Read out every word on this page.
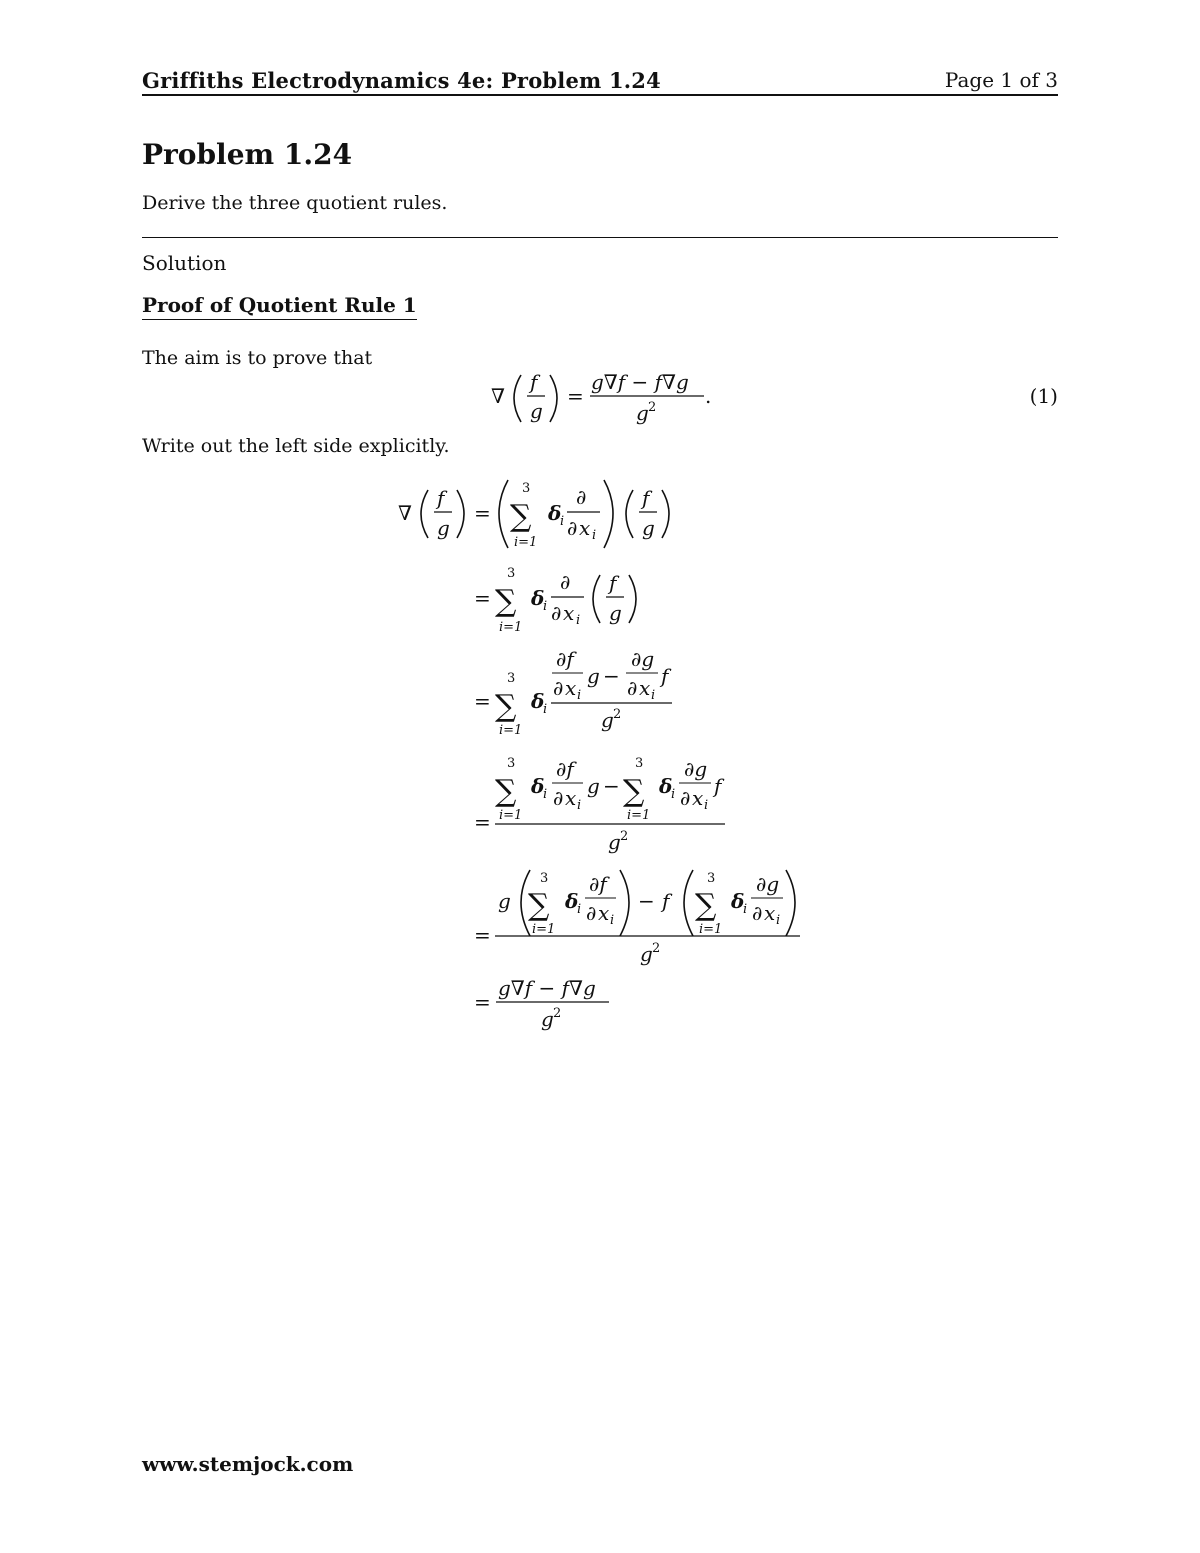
Griffiths Electrodynamics 4e: Problem 1.24	Page 1 of 3
Problem 1.24
Derive the three quotient rules.
Solution
Proof of Quotient Rule 1
The aim is to prove that
(1)
Write out the left side explicitly.
∇
f
g
=
g∇f − f∇g
g 2 .
∇
f
g
=
3
∑
i=1
δ
i
∂
∂ x i
f
g
=
3
∑
i=1
δ
i
∂
∂ x i
f
g
=
3
∑
i=1
δ
i
∂f
∂ x i
g −
∂g
∂ x i
f
g 2
=
3
∑
i=1
δ
i
∂f
∂ x i
g −
3
∑
i=1
δ
i
∂g
∂ x i
f
g 2
=
g
3
∑
i=1
δ
i
∂f
∂ x i
− f
3
∑
i=1
δ
i
∂g
∂ x i
g 2
=
g∇f − f∇g
g 2
www.stemjock.com
